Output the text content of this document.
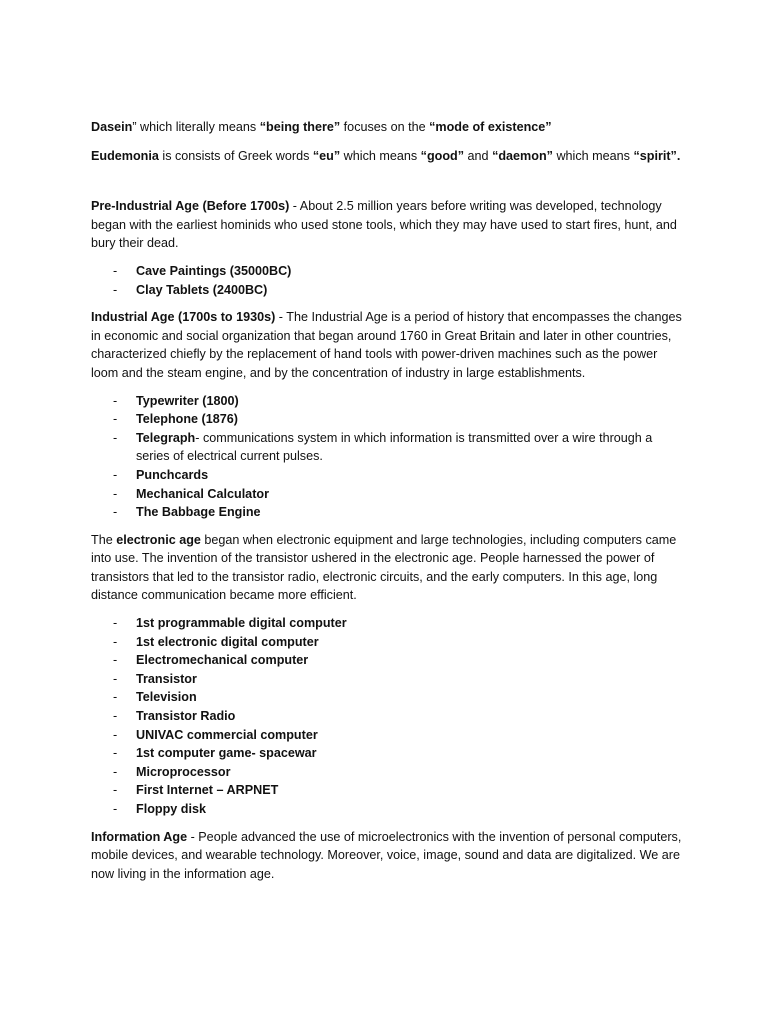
Dasein” which literally means “being there” focuses on the “mode of existence”

Eudemonia is consists of Greek words “eu” which means “good” and “daemon” which means “spirit”.

Pre-Industrial Age (Before 1700s) - About 2.5 million years before writing was developed, technology began with the earliest hominids who used stone tools, which they may have used to start fires, hunt, and bury their dead.

- Cave Paintings (35000BC)
- Clay Tablets (2400BC)

Industrial Age (1700s to 1930s) - The Industrial Age is a period of history that encompasses the changes in economic and social organization that began around 1760 in Great Britain and later in other countries, characterized chiefly by the replacement of hand tools with power-driven machines such as the power loom and the steam engine, and by the concentration of industry in large establishments.

- Typewriter (1800)
- Telephone (1876)
- Telegraph- communications system in which information is transmitted over a wire through a series of electrical current pulses.
- Punchcards
- Mechanical Calculator
- The Babbage Engine

The electronic age began when electronic equipment and large technologies, including computers came into use. The invention of the transistor ushered in the electronic age. People harnessed the power of transistors that led to the transistor radio, electronic circuits, and the early computers. In this age, long distance communication became more efficient.

- 1st programmable digital computer
- 1st electronic digital computer
- Electromechanical computer
- Transistor
- Television
- Transistor Radio
- UNIVAC commercial computer
- 1st computer game- spacewar
- Microprocessor
- First Internet – ARPNET
- Floppy disk

Information Age - People advanced the use of microelectronics with the invention of personal computers, mobile devices, and wearable technology. Moreover, voice, image, sound and data are digitalized. We are now living in the information age.
